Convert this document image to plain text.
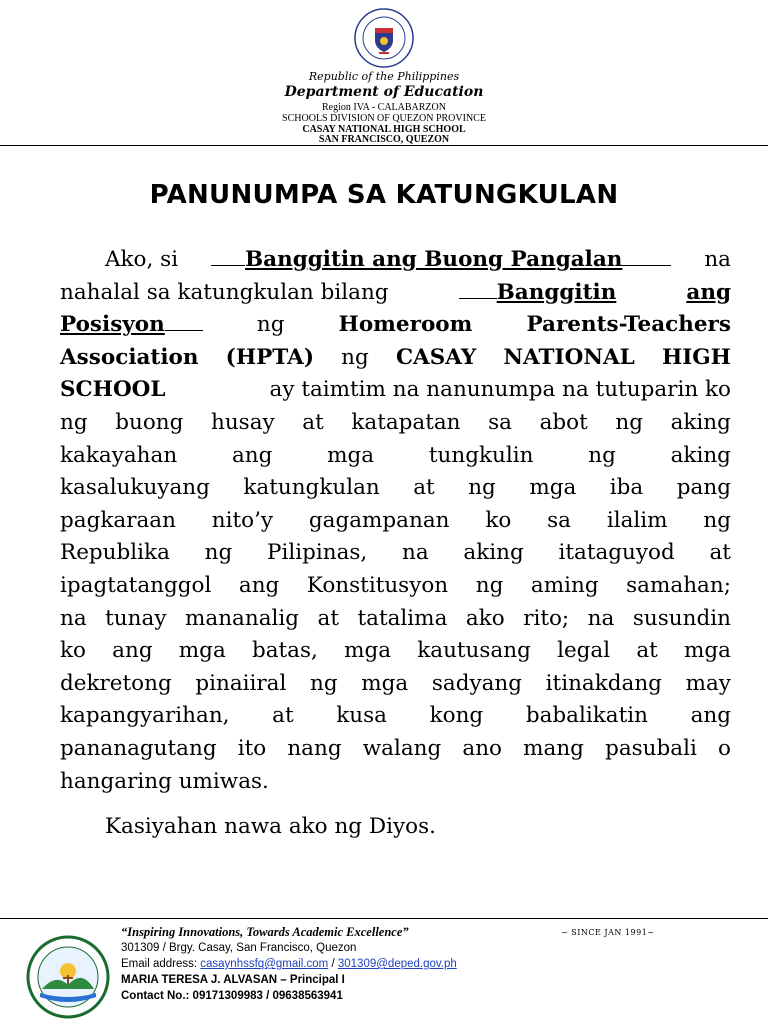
Republic of the Philippines
Department of Education
Region IVA - CALABARZON
SCHOOLS DIVISION OF QUEZON PROVINCE
CASAY NATIONAL HIGH SCHOOL
SAN FRANCISCO, QUEZON
PANUNUMPA SA KATUNGKULAN
Ako, si	Banggitin ang Buong Pangalan	na
nahalal sa katungkulan bilang	Banggitin	ang
Posisyon	ng	Homeroom	Parents-Teachers
Association (HPTA) ng CASAY NATIONAL HIGH
SCHOOL	ay taimtim na nanunumpa na tutuparin ko
ng buong husay at katapatan sa abot ng aking
kakayahan	ang	mga	tungkulin	ng	aking
kasalukuyang katungkulan at ng mga iba pang
pagkaraan nito’y gagampanan ko sa ilalim ng
Republika ng Pilipinas, na aking itataguyod at
ipagtatanggol ang Konstitusyon ng aming samahan;
na tunay mananalig at tatalima ako rito; na susundin
ko ang mga batas, mga kautusang legal at mga
dekretong pinaiiral ng mga sadyang itinakdang may
kapangyarihan, at kusa kong babalikatin ang
pananagutang ito nang walang ano mang pasubali o
hangaring umiwas.
Kasiyahan nawa ako ng Diyos.
“Inspiring Innovations, Towards Academic Excellence”	~ SINCE JAN 1991~
301309 / Brgy. Casay, San Francisco, Quezon
Email address: casaynhssfq@gmail.com / 301309@deped.gov.ph
MARIA TERESA J. ALVASAN – Principal I
Contact No.: 09171309983 / 09638563941
